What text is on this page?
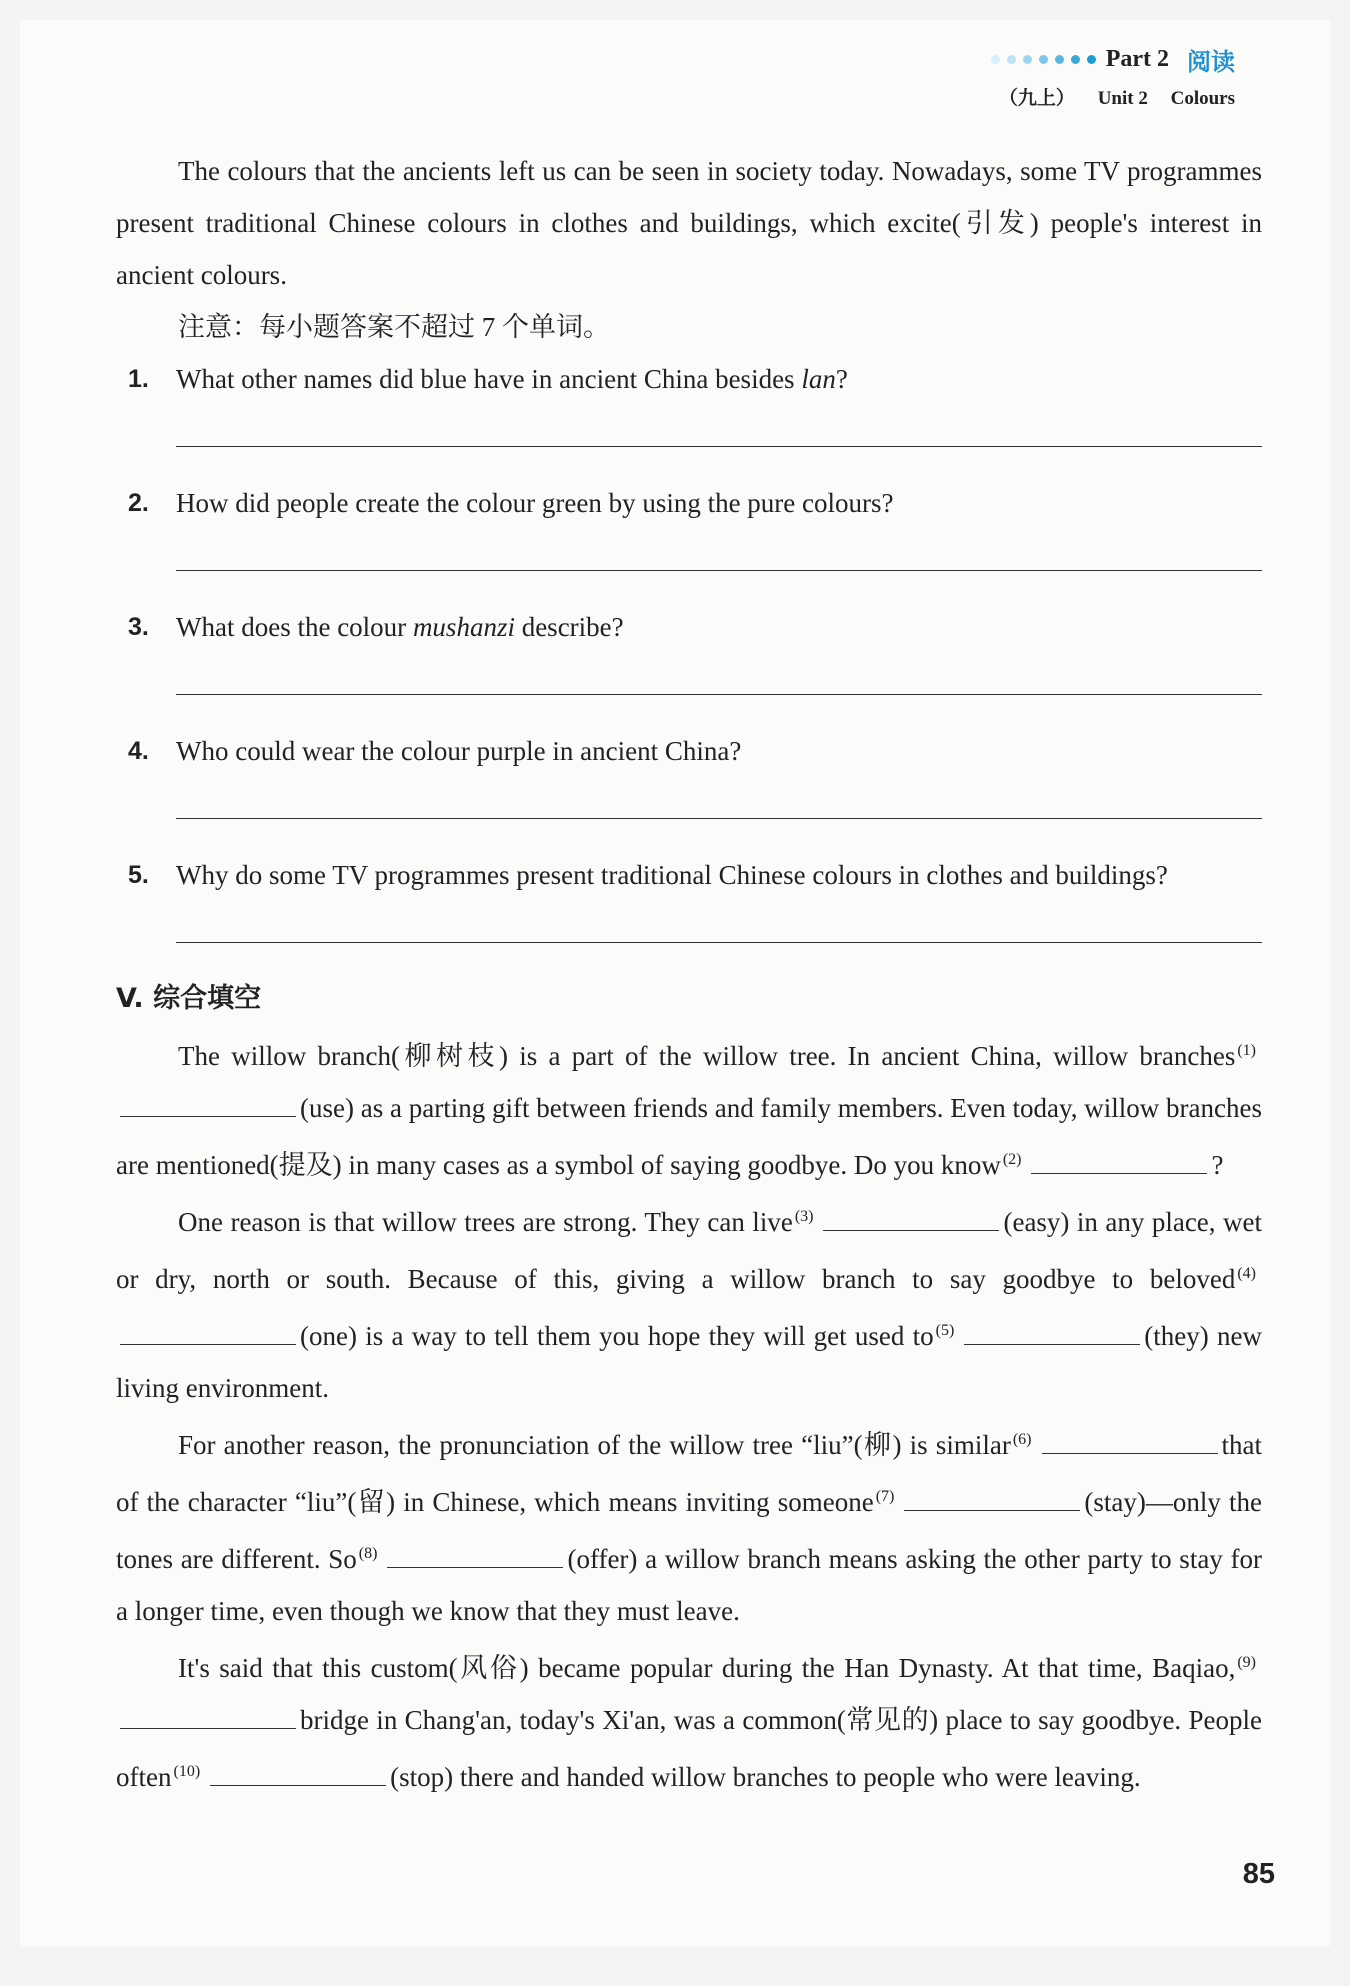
Part 2 阅读
（九上） Unit 2 Colours

The colours that the ancients left us can be seen in society today. Nowadays, some TV programmes present traditional Chinese colours in clothes and buildings, which excite(引发) people's interest in ancient colours.

注意：每小题答案不超过 7 个单词。

1.	What other names did blue have in ancient China besides lan?
2.	How did people create the colour green by using the pure colours?
3.	What does the colour mushanzi describe?
4.	Who could wear the colour purple in ancient China?
5.	Why do some TV programmes present traditional Chinese colours in clothes and buildings?
V. 综合填空

The willow branch(柳树枝) is a part of the willow tree. In ancient China, willow branches $^{(1)}$(use) as a parting gift between friends and family members. Even today, willow branches are mentioned(提及) in many cases as a symbol of saying goodbye. Do you know $^{(2)}$	?

One reason is that willow trees are strong. They can live $^{(3)}$	(easy) in any place, wet or dry, north or south. Because of this, giving a willow branch to say goodbye to beloved $^{(4)}$(one) is a way to tell them you hope they will get used to $^{(5)}$	(they) new living environment.

For another reason, the pronunciation of the willow tree “liu”(柳) is similar $^{(6)}$	that of the character “liu”(留) in Chinese, which means inviting someone $^{(7)}$	(stay)—only the tones are different. So $^{(8)}$	(offer) a willow branch means asking the other party to stay for a longer time, even though we know that they must leave.

It's said that this custom(风俗) became popular during the Han Dynasty. At that time, Baqiao, $^{(9)}$bridge in Chang'an, today's Xi'an, was a common(常见的) place to say goodbye. People often $^{(10)}$	(stop) there and handed willow branches to people who were leaving.

85
